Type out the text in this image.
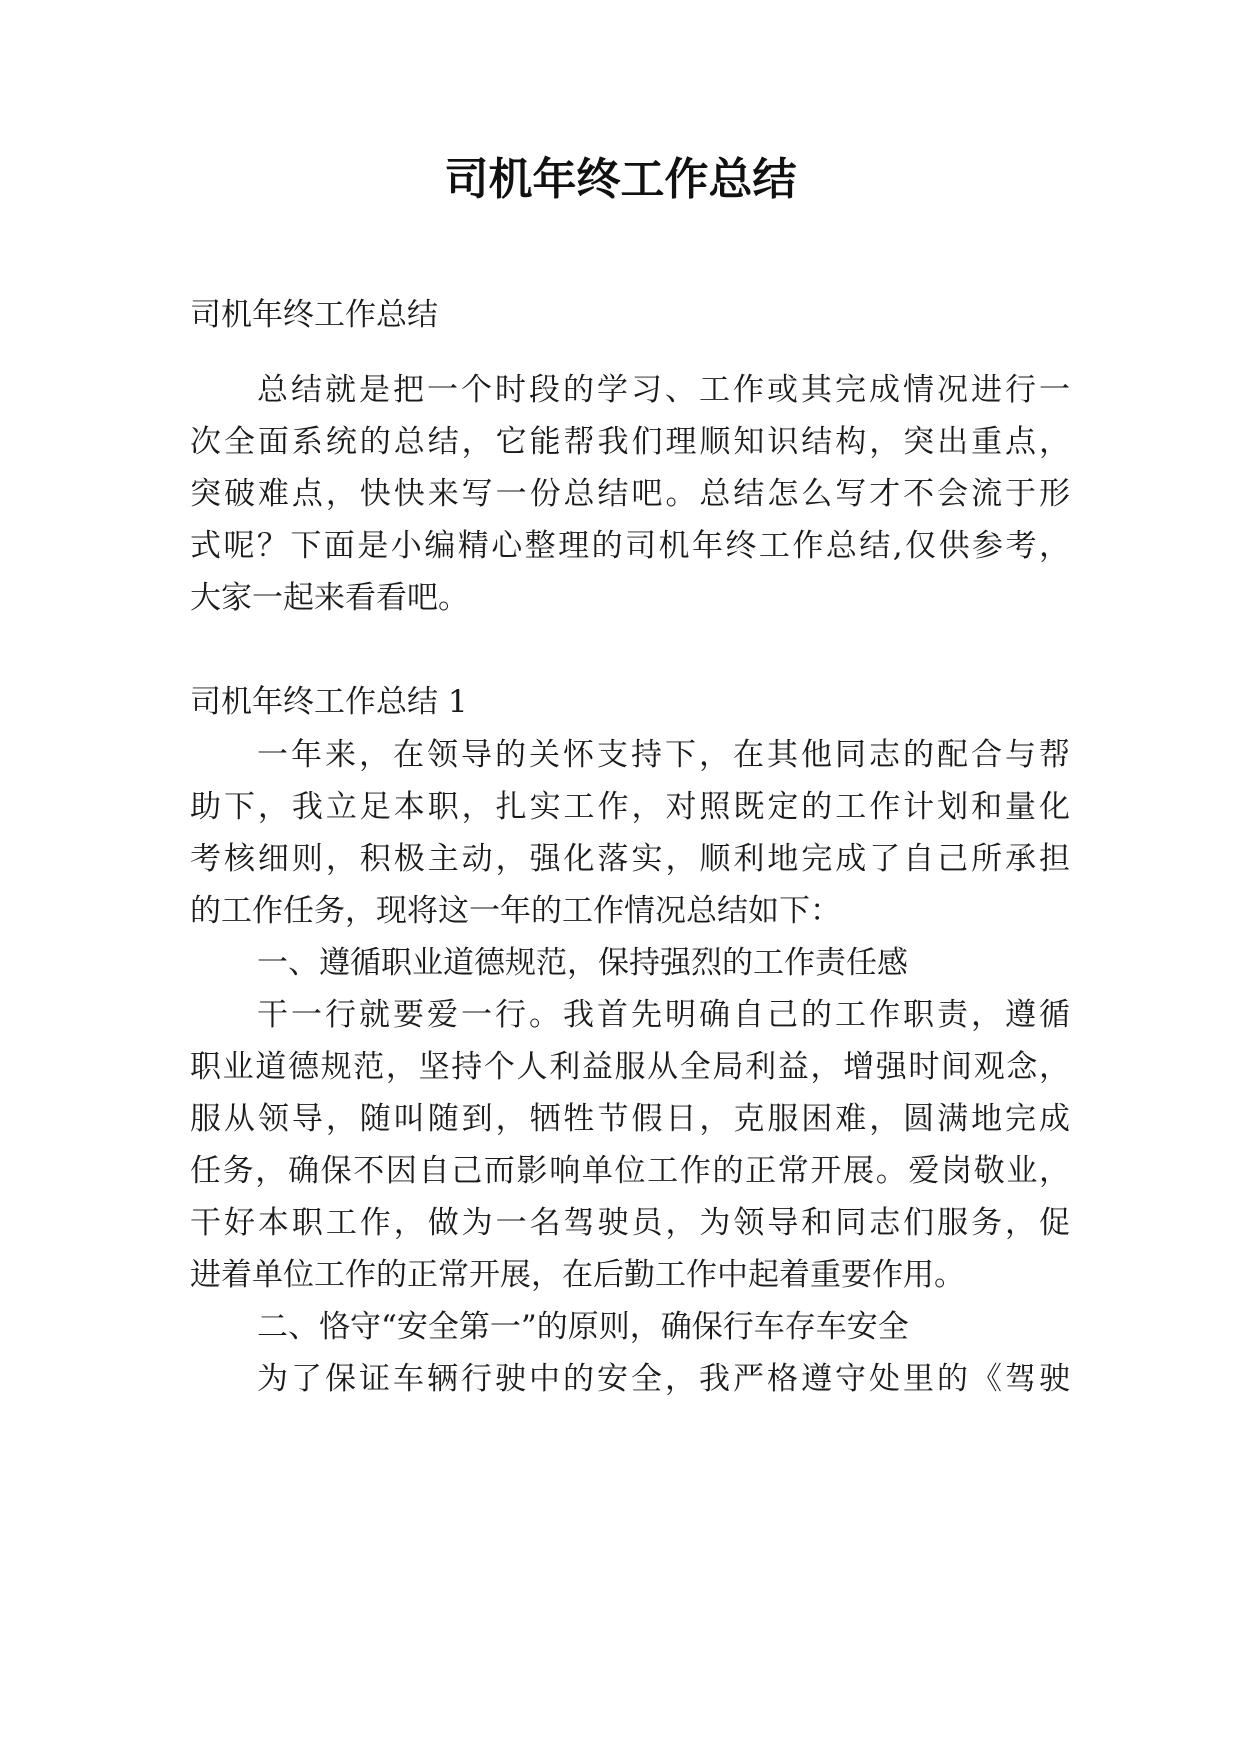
司机年终工作总结
司机年终工作总结
总结就是把一个时段的学习、工作或其完成情况进行一
次全面系统的总结，它能帮我们理顺知识结构，突出重点，
突破难点，快快来写一份总结吧。总结怎么写才不会流于形
式呢？下面是小编精心整理的司机年终工作总结,仅供参考，
大家一起来看看吧。
司机年终工作总结 1
一年来，在领导的关怀支持下，在其他同志的配合与帮
助下，我立足本职，扎实工作，对照既定的工作计划和量化
考核细则，积极主动，强化落实，顺利地完成了自己所承担
的工作任务，现将这一年的工作情况总结如下：
一、遵循职业道德规范，保持强烈的工作责任感
干一行就要爱一行。我首先明确自己的工作职责，遵循
职业道德规范，坚持个人利益服从全局利益，增强时间观念，
服从领导，随叫随到，牺牲节假日，克服困难，圆满地完成
任务，确保不因自己而影响单位工作的正常开展。爱岗敬业，
干好本职工作，做为一名驾驶员，为领导和同志们服务，促
进着单位工作的正常开展，在后勤工作中起着重要作用。
二、恪守“安全第一”的原则，确保行车存车安全
为了保证车辆行驶中的安全，我严格遵守处里的《驾驶
